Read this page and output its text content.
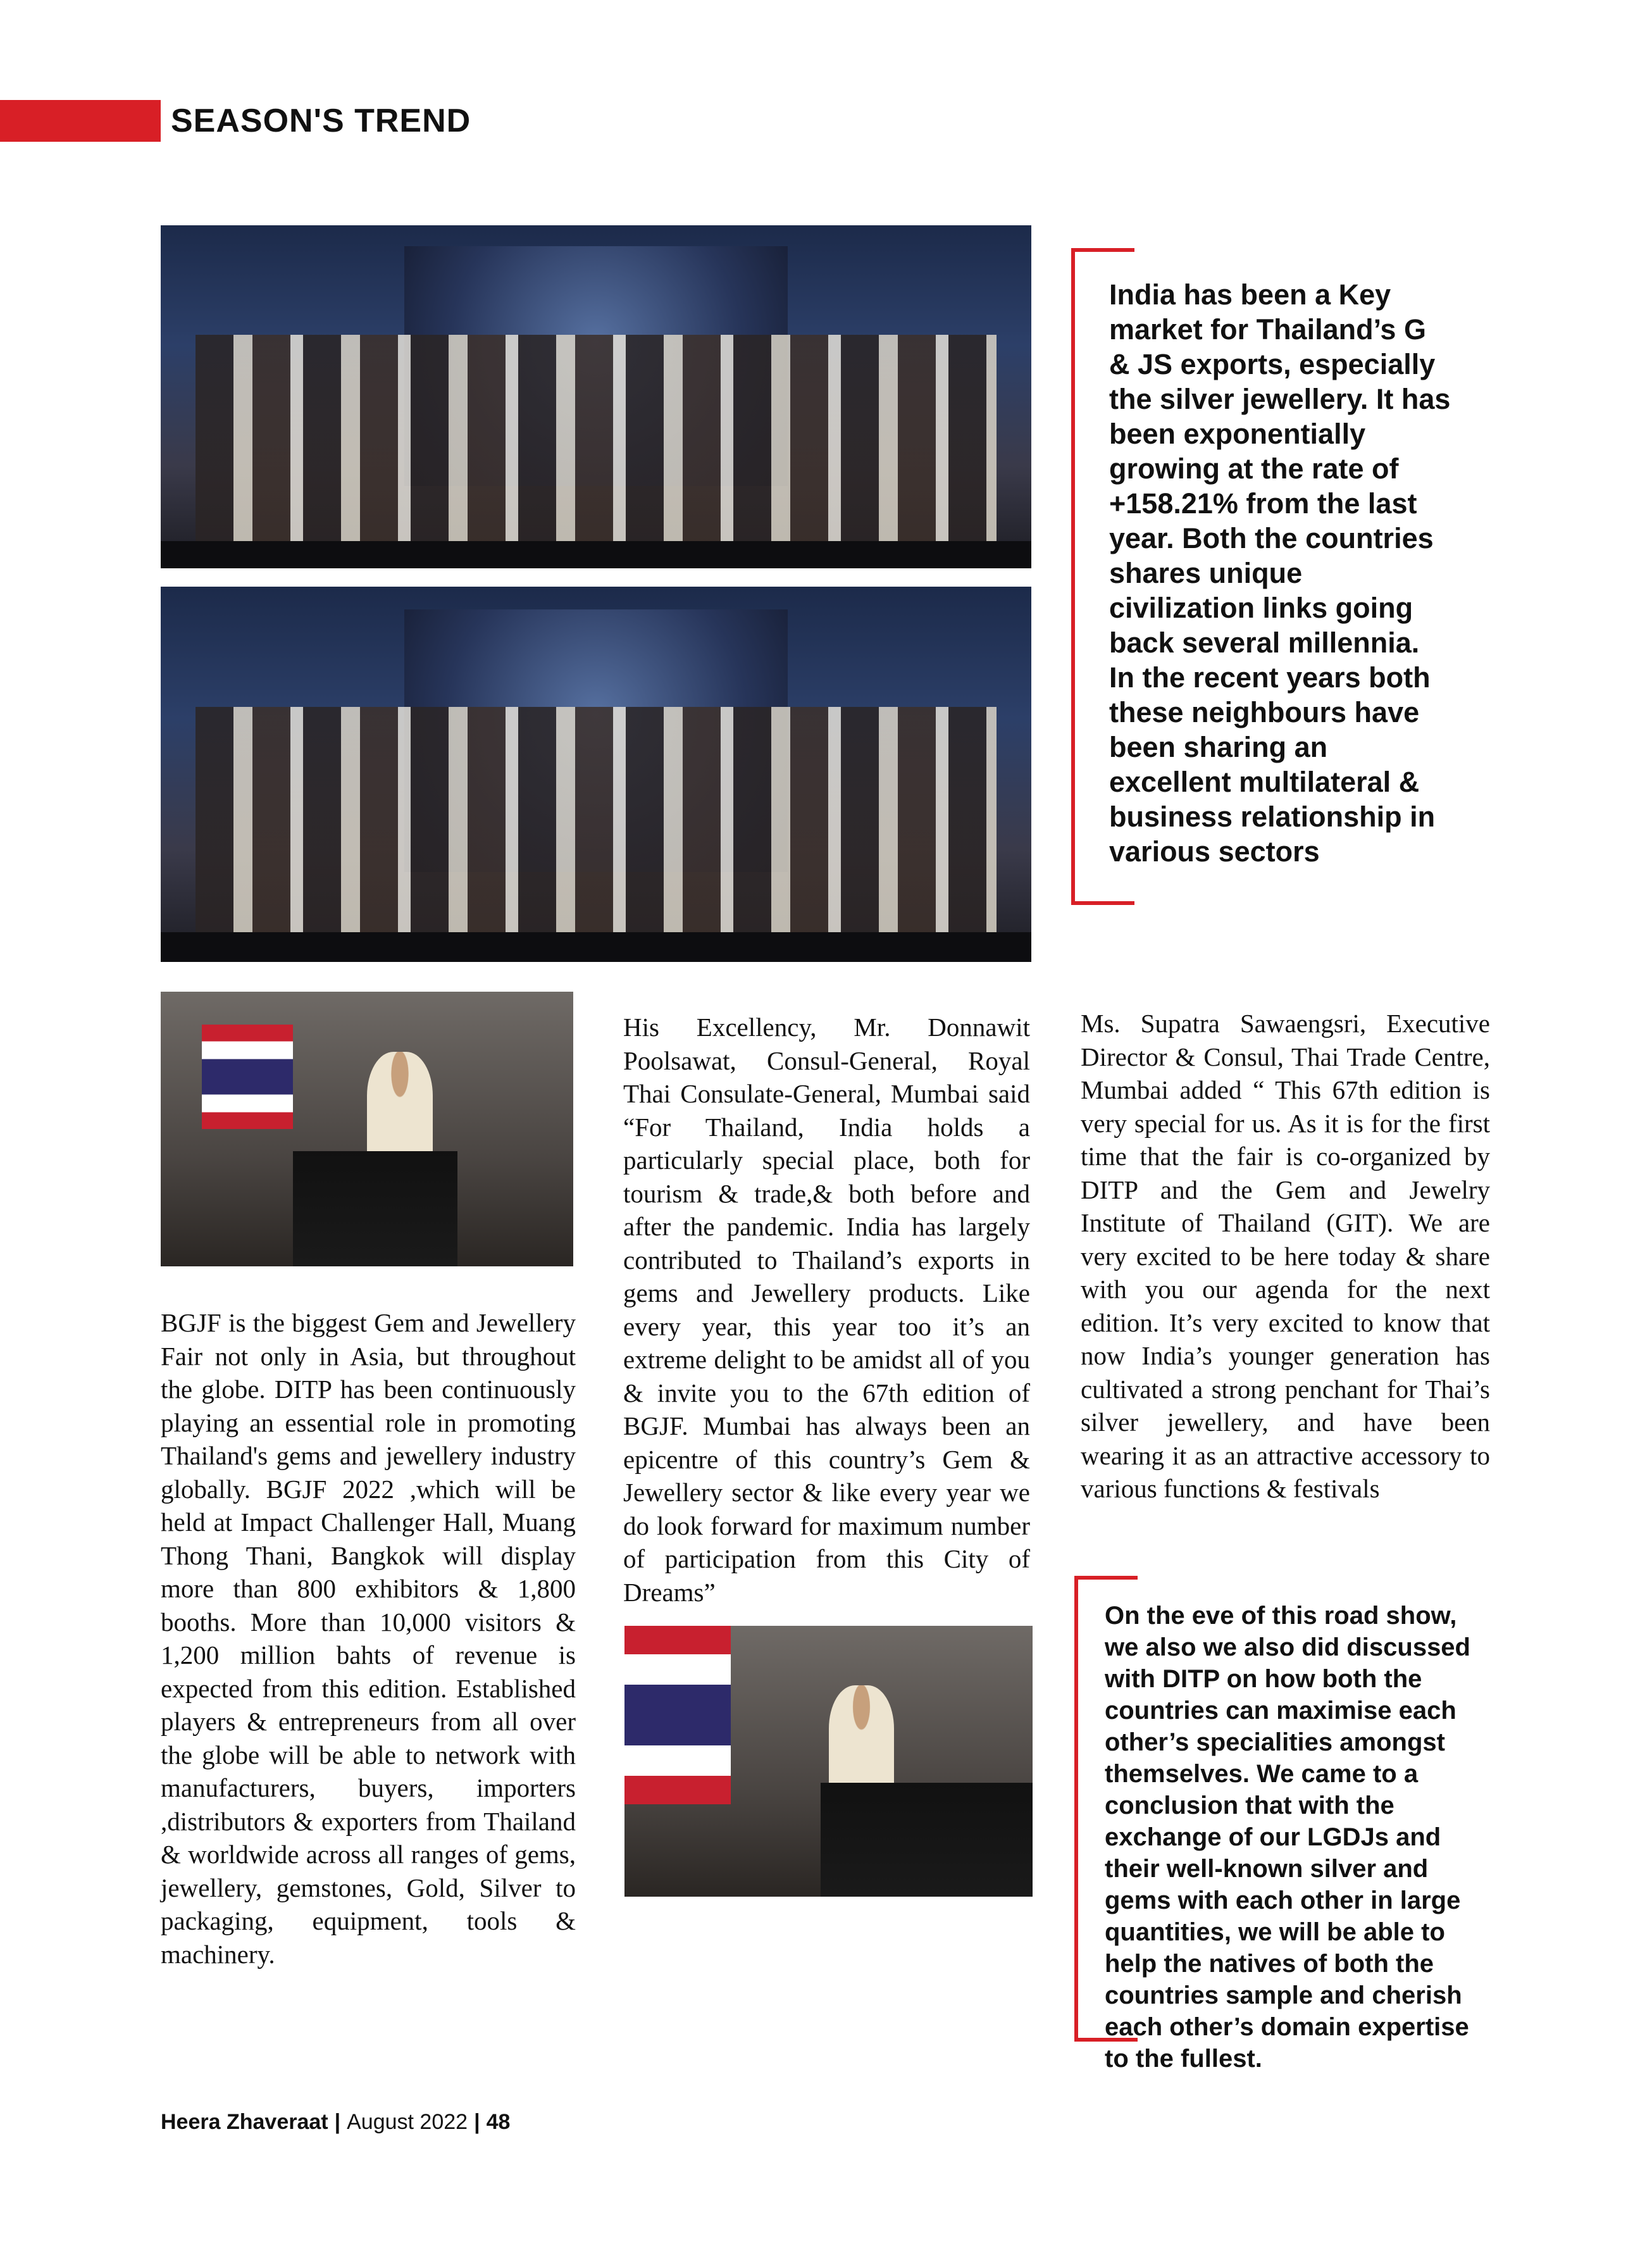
SEASON'S TREND
India has been a Key market for Thailand’s G & JS exports, especially the silver jewellery. It has been exponentially growing at the rate of +158.21% from the last year. Both the countries shares unique civilization links going back several millennia. In the recent years both these neighbours have been sharing an excellent multilateral & business relationship in various sectors

BGJF is the biggest Gem and Jewellery Fair not only in Asia, but throughout the globe. DITP has been continuously playing an essential role in promoting Thailand's gems and jewellery industry globally. BGJF 2022 ,which will be held at Impact Challenger Hall, Muang Thong Thani, Bangkok will display more than 800 exhibitors & 1,800 booths. More than 10,000 visitors & 1,200 million bahts of revenue is expected from this edition. Established players & entrepreneurs from all over the globe will be able to network with manufacturers, buyers, importers ,distributors & exporters from Thailand & worldwide across all ranges of gems, jewellery, gemstones, Gold, Silver to packaging, equipment, tools & machinery.

His Excellency, Mr. Donnawit Poolsawat, Consul-General, Royal Thai Consulate-General, Mumbai said “For Thailand, India holds a particularly special place, both for tourism & trade,& both before and after the pandemic. India has largely contributed to Thailand’s exports in gems and Jewellery products. Like every year, this year too it’s an extreme delight to be amidst all of you & invite you to the 67th edition of BGJF. Mumbai has always been an epicentre of this country’s Gem & Jewellery sector & like every year we do look forward for maximum number of participation from this City of Dreams”

Ms. Supatra Sawaengsri, Executive Director & Consul, Thai Trade Centre, Mumbai added “ This 67th edition is very special for us. As it is for the first time that the fair is co-organized by DITP and the Gem and Jewelry Institute of Thailand (GIT). We are very excited to be here today & share with you our agenda for the next edition. It’s very excited to know that now India’s younger generation has cultivated a strong penchant for Thai’s silver jewellery, and have been wearing it as an attractive accessory to various functions & festivals

On the eve of this road show, we also we also did discussed with DITP on how both the countries can maximise each other’s specialities amongst themselves. We came to a conclusion that with the exchange of our LGDJs and their well-known silver and gems with each other in large quantities, we will be able to help the natives of both the countries sample and cherish each other’s domain expertise to the fullest.
Heera Zhaveraat | August 2022 | 48
